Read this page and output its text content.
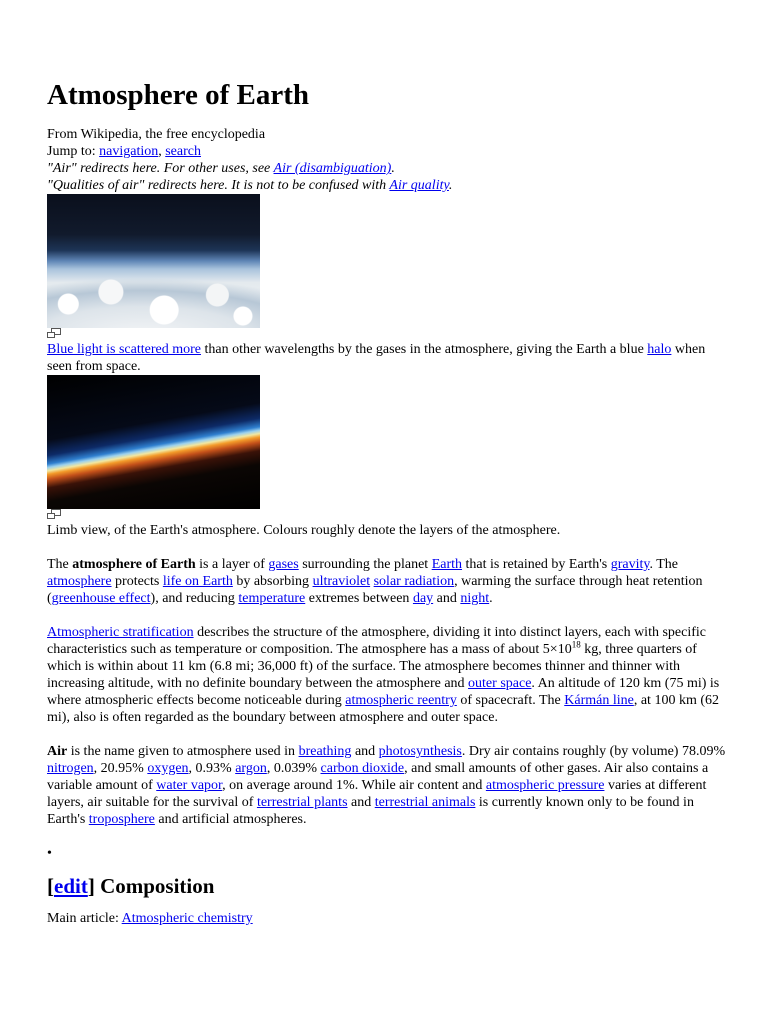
Atmosphere of Earth
From Wikipedia, the free encyclopedia
Jump to: navigation, search
"Air" redirects here. For other uses, see Air (disambiguation).
"Qualities of air" redirects here. It is not to be confused with Air quality.

Blue light is scattered more than other wavelengths by the gases in the atmosphere, giving the Earth a blue halo when seen from space.

Limb view, of the Earth's atmosphere. Colours roughly denote the layers of the atmosphere.

The atmosphere of Earth is a layer of gases surrounding the planet Earth that is retained by Earth's gravity. The atmosphere protects life on Earth by absorbing ultraviolet solar radiation, warming the surface through heat retention (greenhouse effect), and reducing temperature extremes between day and night.

Atmospheric stratification describes the structure of the atmosphere, dividing it into distinct layers, each with specific characteristics such as temperature or composition. The atmosphere has a mass of about $5\times 10^{18}$ kg, three quarters of which is within about 11 km (6.8 mi; 36,000 ft) of the surface. The atmosphere becomes thinner and thinner with increasing altitude, with no definite boundary between the atmosphere and outer space. An altitude of 120 km (75 mi) is where atmospheric effects become noticeable during atmospheric reentry of spacecraft. The Kármán line, at 100 km (62 mi), also is often regarded as the boundary between atmosphere and outer space.

Air is the name given to atmosphere used in breathing and photosynthesis. Dry air contains roughly (by volume) 78.09% nitrogen, 20.95% oxygen, 0.93% argon, 0.039% carbon dioxide, and small amounts of other gases. Air also contains a variable amount of water vapor, on average around 1%. While air content and atmospheric pressure varies at different layers, air suitable for the survival of terrestrial plants and terrestrial animals is currently known only to be found in Earth's troposphere and artificial atmospheres.

•
[edit] Composition

Main article: Atmospheric chemistry
